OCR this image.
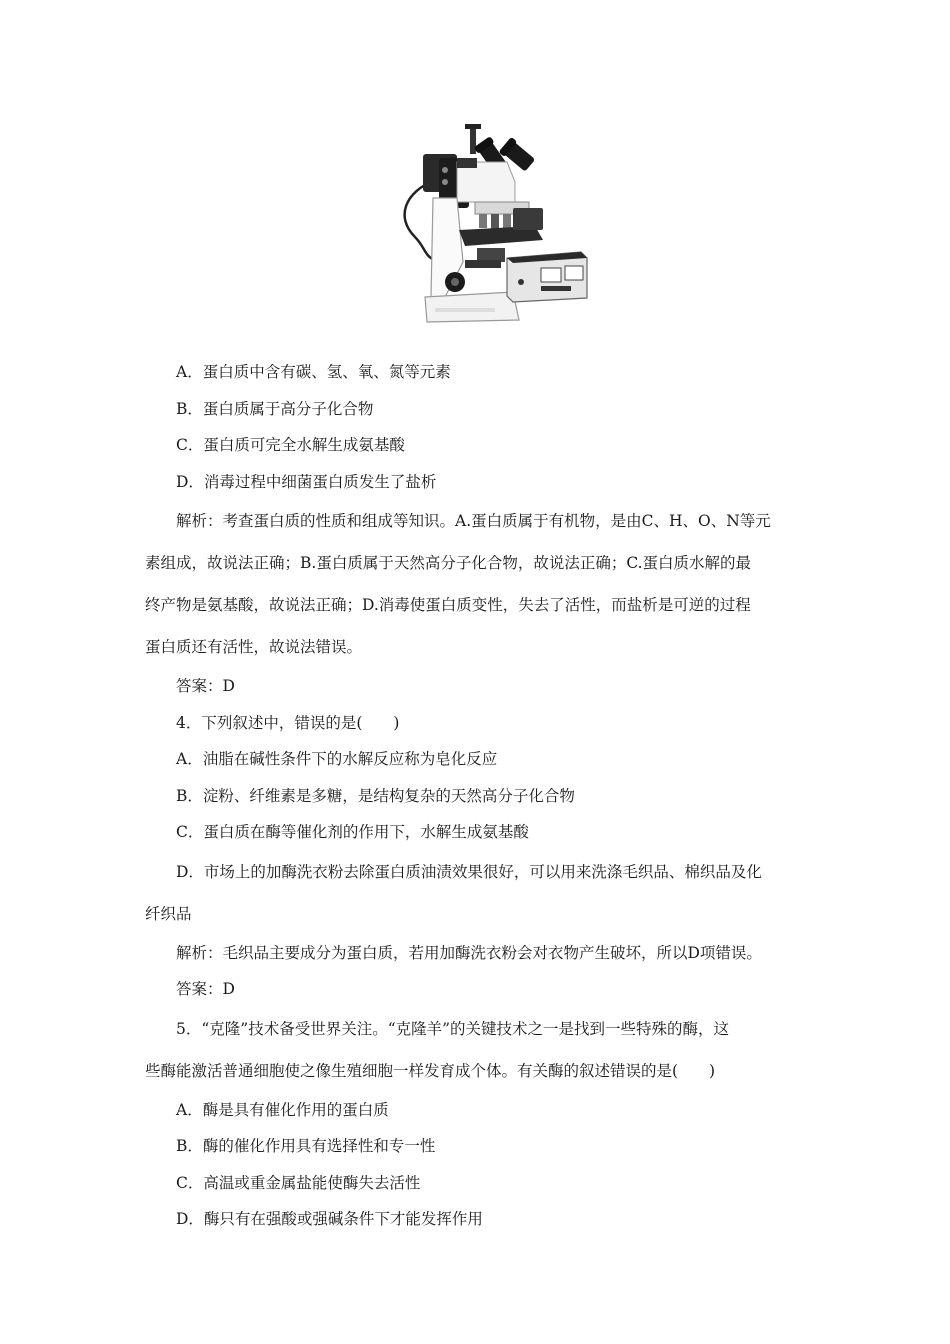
A．蛋白质中含有碳、氢、氧、氮等元素
B．蛋白质属于高分子化合物
C．蛋白质可完全水解生成氨基酸
D．消毒过程中细菌蛋白质发生了盐析
解析：考查蛋白质的性质和组成等知识。A.蛋白质属于有机物，是由C、H、O、N等元
素组成，故说法正确；B.蛋白质属于天然高分子化合物，故说法正确；C.蛋白质水解的最
终产物是氨基酸，故说法正确；D.消毒使蛋白质变性，失去了活性，而盐析是可逆的过程
蛋白质还有活性，故说法错误。
答案：D
4．下列叙述中，错误的是(　　)
A．油脂在碱性条件下的水解反应称为皂化反应
B．淀粉、纤维素是多糖，是结构复杂的天然高分子化合物
C．蛋白质在酶等催化剂的作用下，水解生成氨基酸
D．市场上的加酶洗衣粉去除蛋白质油渍效果很好，可以用来洗涤毛织品、棉织品及化
纤织品
解析：毛织品主要成分为蛋白质，若用加酶洗衣粉会对衣物产生破坏，所以D项错误。
答案：D
5．“克隆”技术备受世界关注。“克隆羊”的关键技术之一是找到一些特殊的酶，这
些酶能激活普通细胞使之像生殖细胞一样发育成个体。有关酶的叙述错误的是(　　)
A．酶是具有催化作用的蛋白质
B．酶的催化作用具有选择性和专一性
C．高温或重金属盐能使酶失去活性
D．酶只有在强酸或强碱条件下才能发挥作用
